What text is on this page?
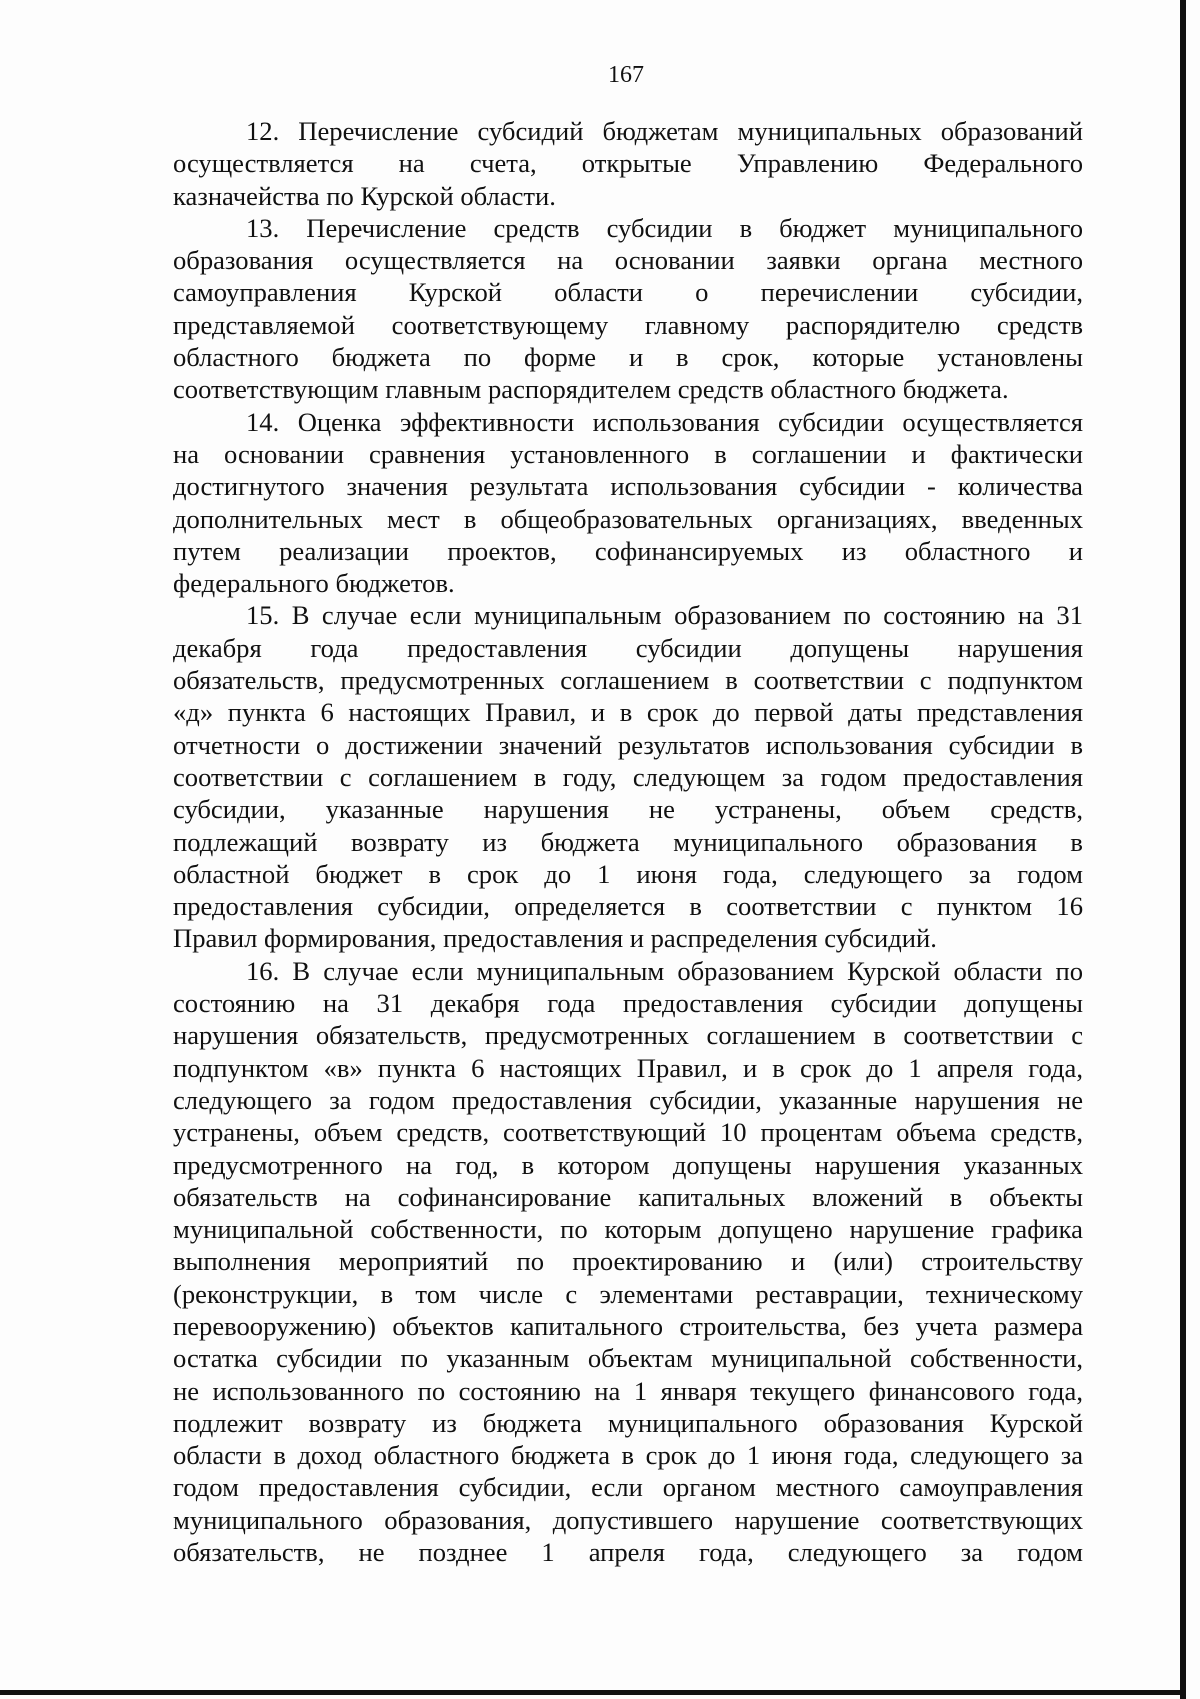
167
12. Перечисление субсидий бюджетам муниципальных образований
осуществляется на счета, открытые Управлению Федерального
казначейства по Курской области.
13. Перечисление средств субсидии в бюджет муниципального
образования осуществляется на основании заявки органа местного
самоуправления Курской области о перечислении субсидии,
представляемой соответствующему главному распорядителю средств
областного бюджета по форме и в срок, которые установлены
соответствующим главным распорядителем средств областного бюджета.
14. Оценка эффективности использования субсидии осуществляется
на основании сравнения установленного в соглашении и фактически
достигнутого значения результата использования субсидии - количества
дополнительных мест в общеобразовательных организациях, введенных
путем реализации проектов, софинансируемых из областного и
федерального бюджетов.
15. В случае если муниципальным образованием по состоянию на 31
декабря года предоставления субсидии допущены нарушения
обязательств, предусмотренных соглашением в соответствии с подпунктом
«д» пункта 6 настоящих Правил, и в срок до первой даты представления
отчетности о достижении значений результатов использования субсидии в
соответствии с соглашением в году, следующем за годом предоставления
субсидии, указанные нарушения не устранены, объем средств,
подлежащий возврату из бюджета муниципального образования в
областной бюджет в срок до 1 июня года, следующего за годом
предоставления субсидии, определяется в соответствии с пунктом 16
Правил формирования, предоставления и распределения субсидий.
16. В случае если муниципальным образованием Курской области по
состоянию на 31 декабря года предоставления субсидии допущены
нарушения обязательств, предусмотренных соглашением в соответствии с
подпунктом «в» пункта 6 настоящих Правил, и в срок до 1 апреля года,
следующего за годом предоставления субсидии, указанные нарушения не
устранены, объем средств, соответствующий 10 процентам объема средств,
предусмотренного на год, в котором допущены нарушения указанных
обязательств на софинансирование капитальных вложений в объекты
муниципальной собственности, по которым допущено нарушение графика
выполнения мероприятий по проектированию и (или) строительству
(реконструкции, в том числе с элементами реставрации, техническому
перевооружению) объектов капитального строительства, без учета размера
остатка субсидии по указанным объектам муниципальной собственности,
не использованного по состоянию на 1 января текущего финансового года,
подлежит возврату из бюджета муниципального образования Курской
области в доход областного бюджета в срок до 1 июня года, следующего за
годом предоставления субсидии, если органом местного самоуправления
муниципального образования, допустившего нарушение соответствующих
обязательств, не позднее 1 апреля года, следующего за годом
